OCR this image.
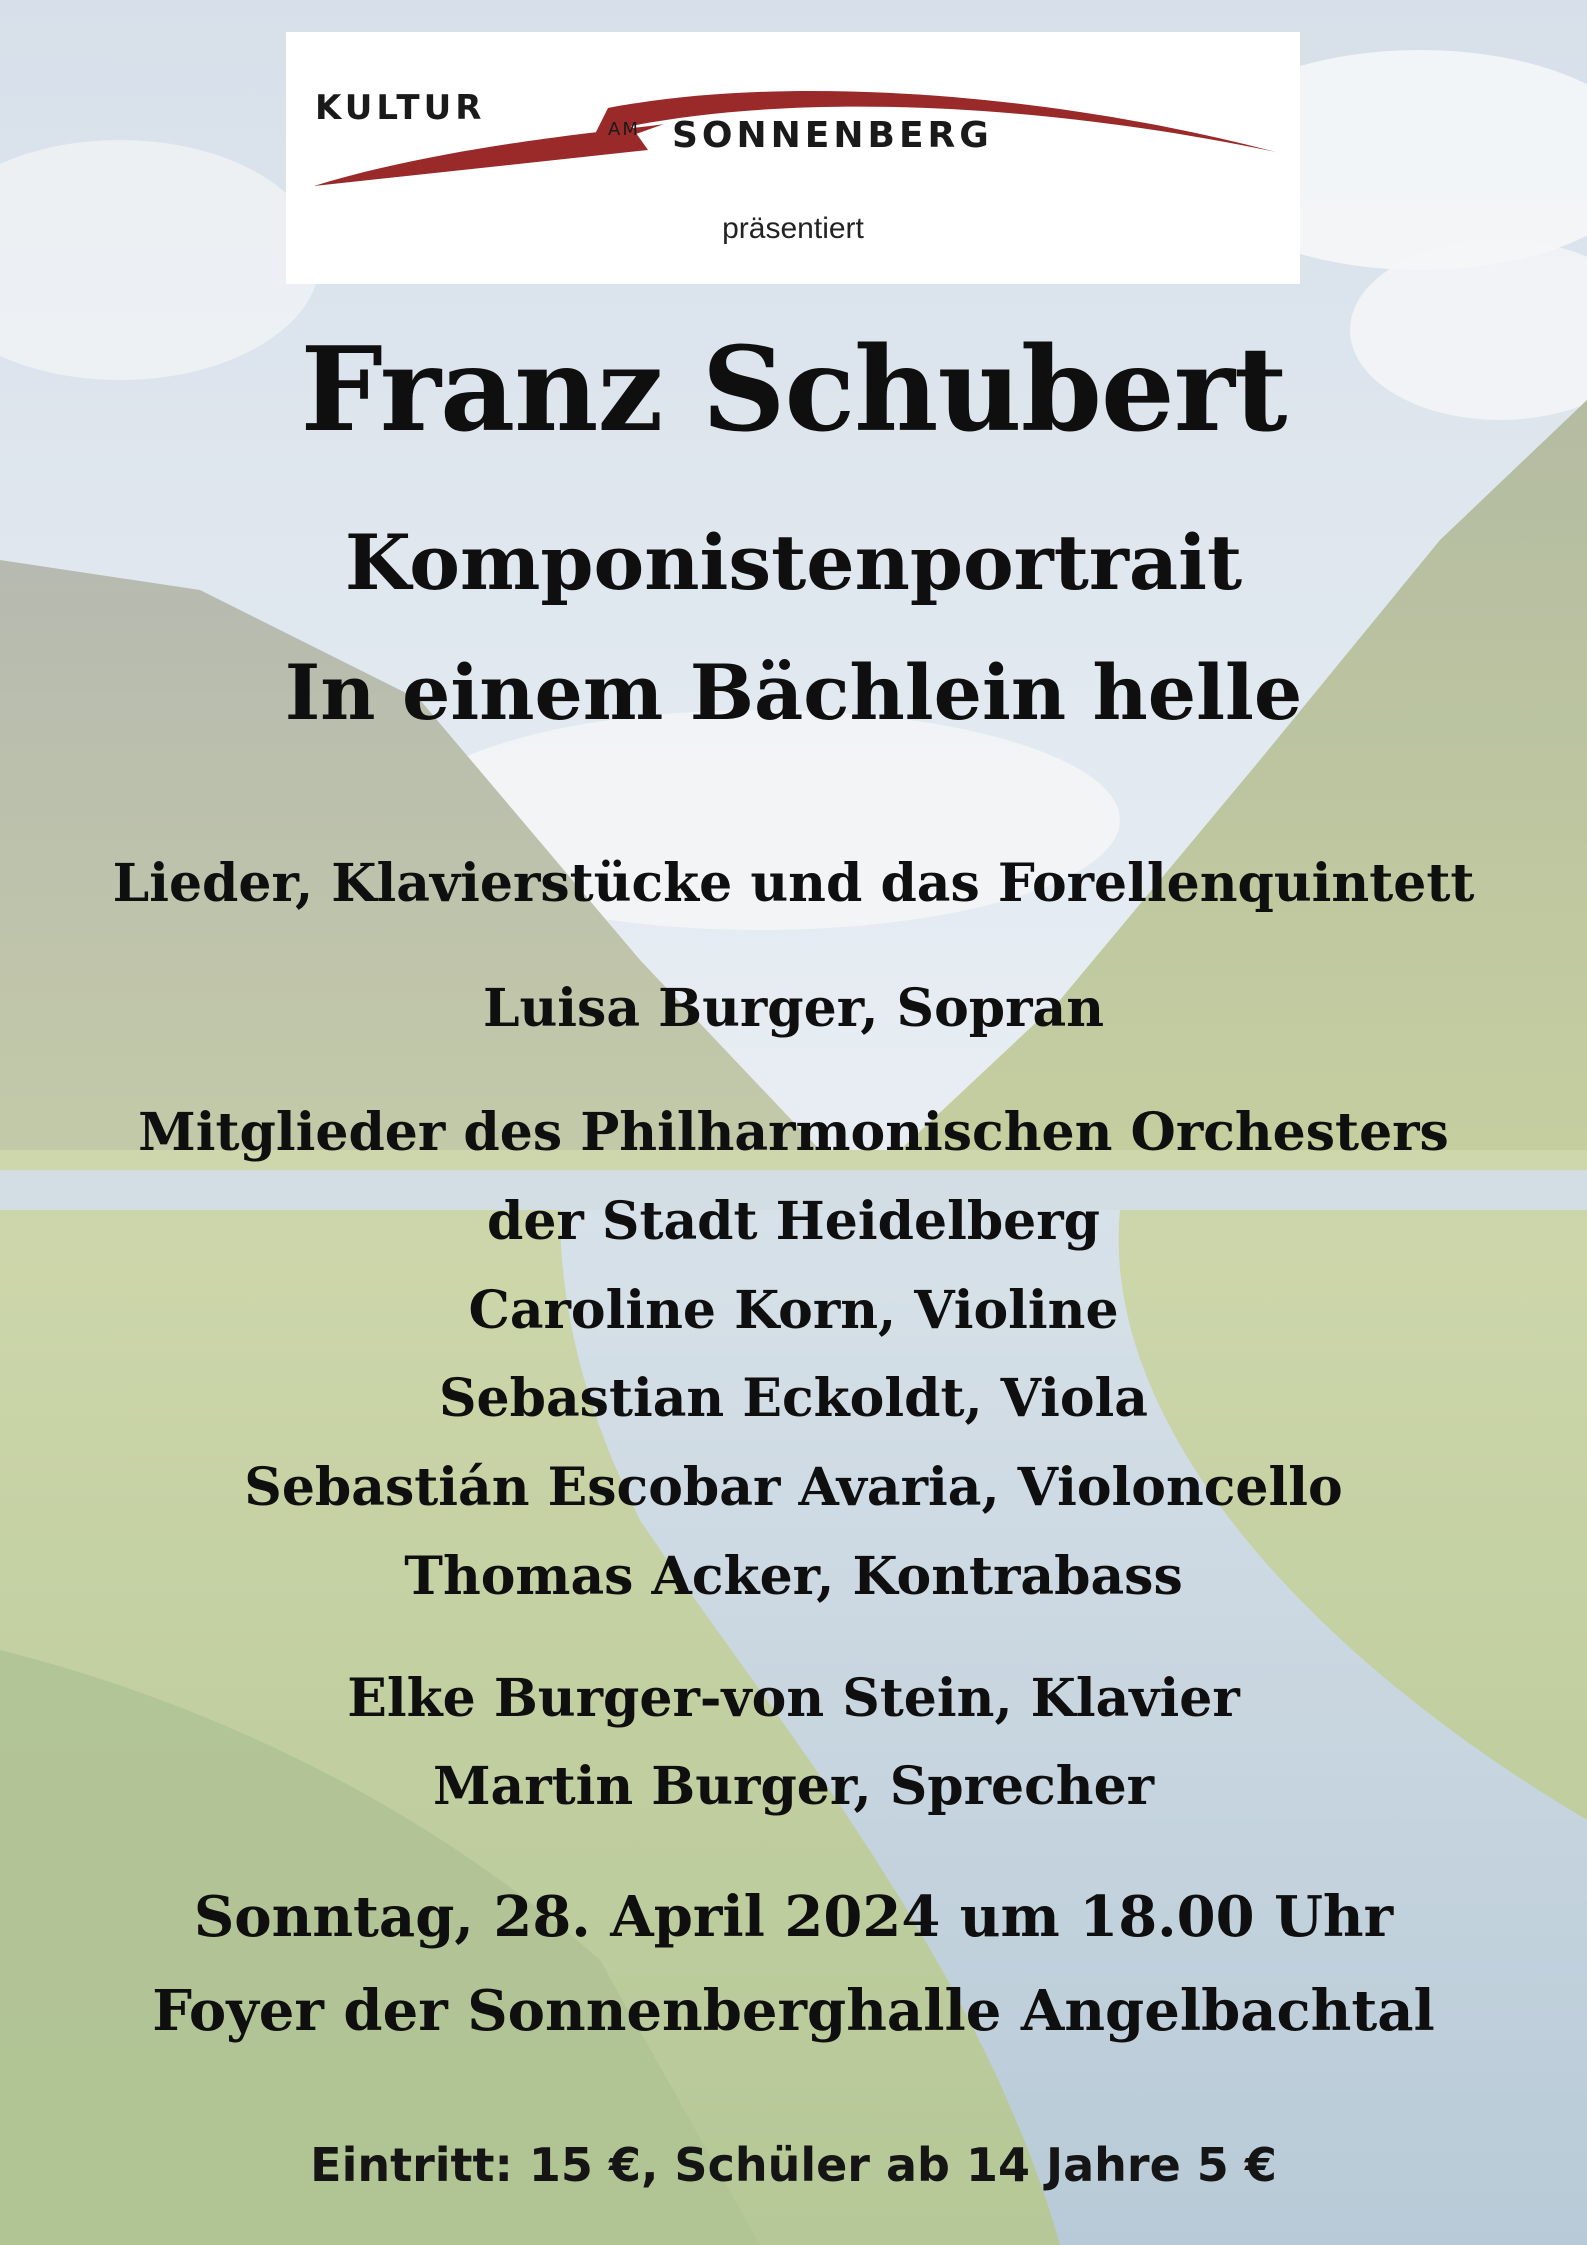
KULTUR
AM SONNENBERG
präsentiert
Franz Schubert
Komponistenportrait
In einem Bächlein helle
Lieder, Klavierstücke und das Forellenquintett
Luisa Burger, Sopran
Mitglieder des Philharmonischen Orchesters
der Stadt Heidelberg
Caroline Korn, Violine
Sebastian Eckoldt, Viola
Sebastián Escobar Avaria, Violoncello
Thomas Acker, Kontrabass
Elke Burger-von Stein, Klavier
Martin Burger, Sprecher
Sonntag, 28. April 2024 um 18.00 Uhr
Foyer der Sonnenberghalle Angelbachtal
Eintritt: 15 €, Schüler ab 14 Jahre 5 €
